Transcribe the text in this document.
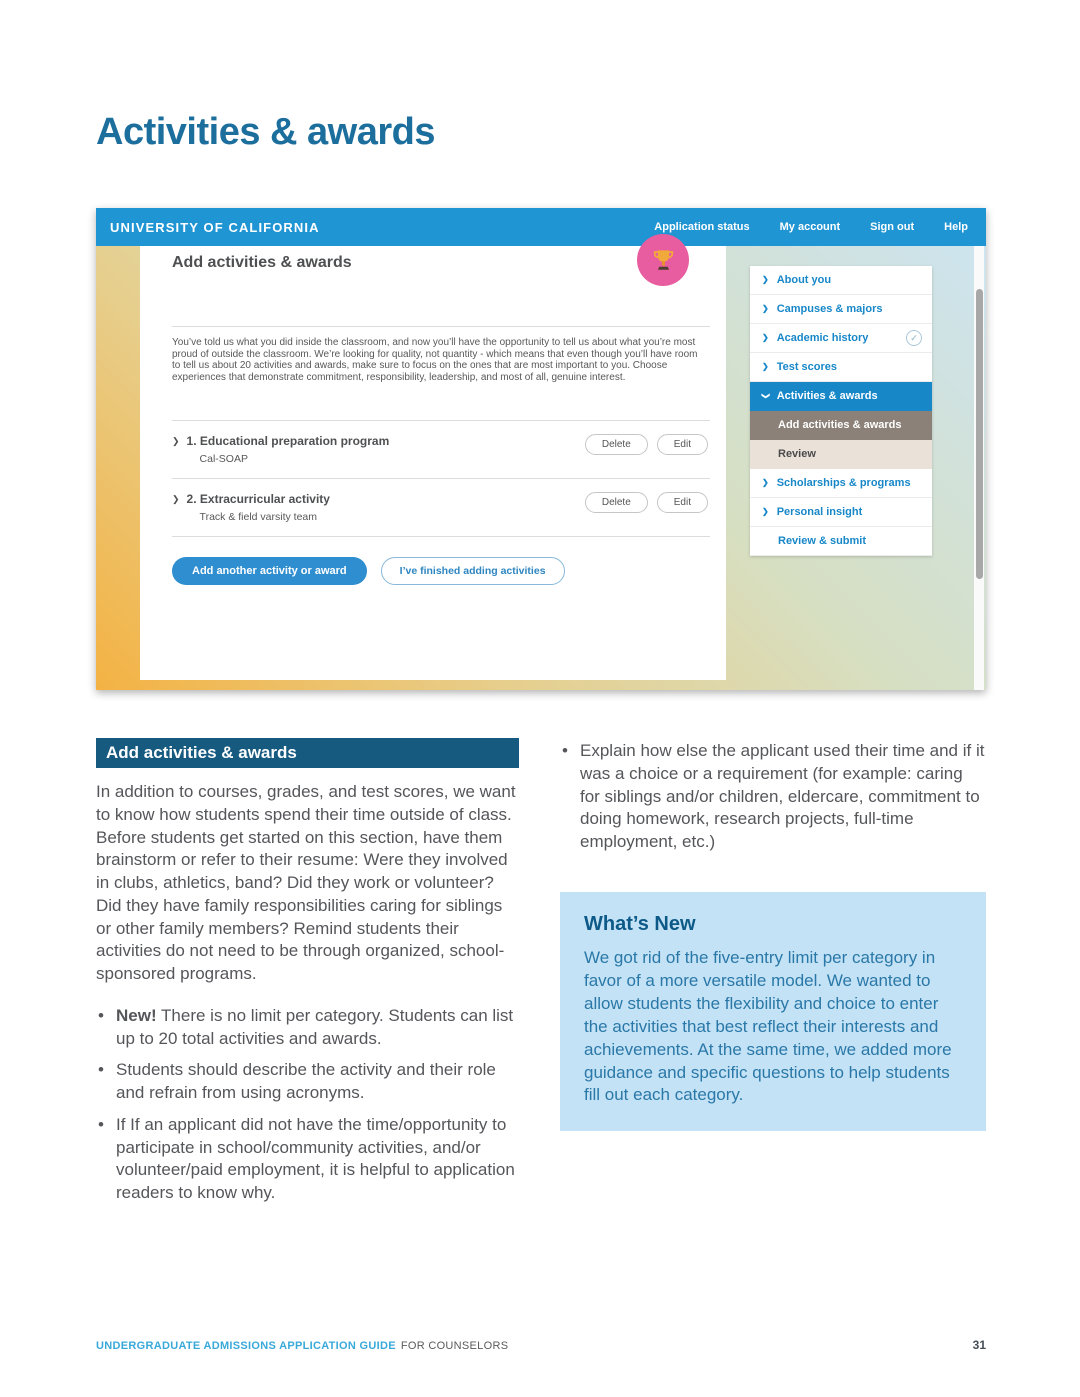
Activities & awards
UNIVERSITY OF CALIFORNIA	Application status	My account	Sign out	Help
Add activities & awards

You’ve told us what you did inside the classroom, and now you’ll have the opportunity to tell us about what you’re most proud of outside the classroom. We’re looking for quality, not quantity - which means that even though you’ll have room to tell us about 20 activities and awards, make sure to focus on the ones that are most important to you. Choose experiences that demonstrate commitment, responsibility, leadership, and most of all, genuine interest.

❯ 1. Educational preparation program
Cal-SOAP
Delete	Edit
❯ 2. Extracurricular activity
Track & field varsity team
Delete	Edit
Add another activity or award	I’ve finished adding activities
❯ About you
❯ Campuses & majors
❯ Academic history	✓
❯ Test scores
❯ Activities & awards
Add activities & awards
Review
❯ Scholarships & programs
❯ Personal insight
Review & submit
Add activities & awards

In addition to courses, grades, and test scores, we want to know how students spend their time outside of class. Before students get started on this section, have them brainstorm or refer to their resume: Were they involved in clubs, athletics, band? Did they work or volunteer? Did they have family responsibilities caring for siblings or other family members? Remind students their activities do not need to be through organized, school-sponsored programs.

• New! There is no limit per category. Students can list up to 20 total activities and awards.
• Students should describe the activity and their role and refrain from using acronyms.
• If If an applicant did not have the time/opportunity to participate in school/community activities, and/or volunteer/paid employment, it is helpful to application readers to know why.
• Explain how else the applicant used their time and if it was a choice or a requirement (for example: caring for siblings and/or children, eldercare, commitment to doing homework, research projects, full-time employment, etc.)
What’s New
We got rid of the five-entry limit per category in favor of a more versatile model. We wanted to allow students the flexibility and choice to enter the activities that best reflect their interests and achievements. At the same time, we added more guidance and specific questions to help students fill out each category.
UNDERGRADUATE ADMISSIONS APPLICATION GUIDE FOR COUNSELORS	31
